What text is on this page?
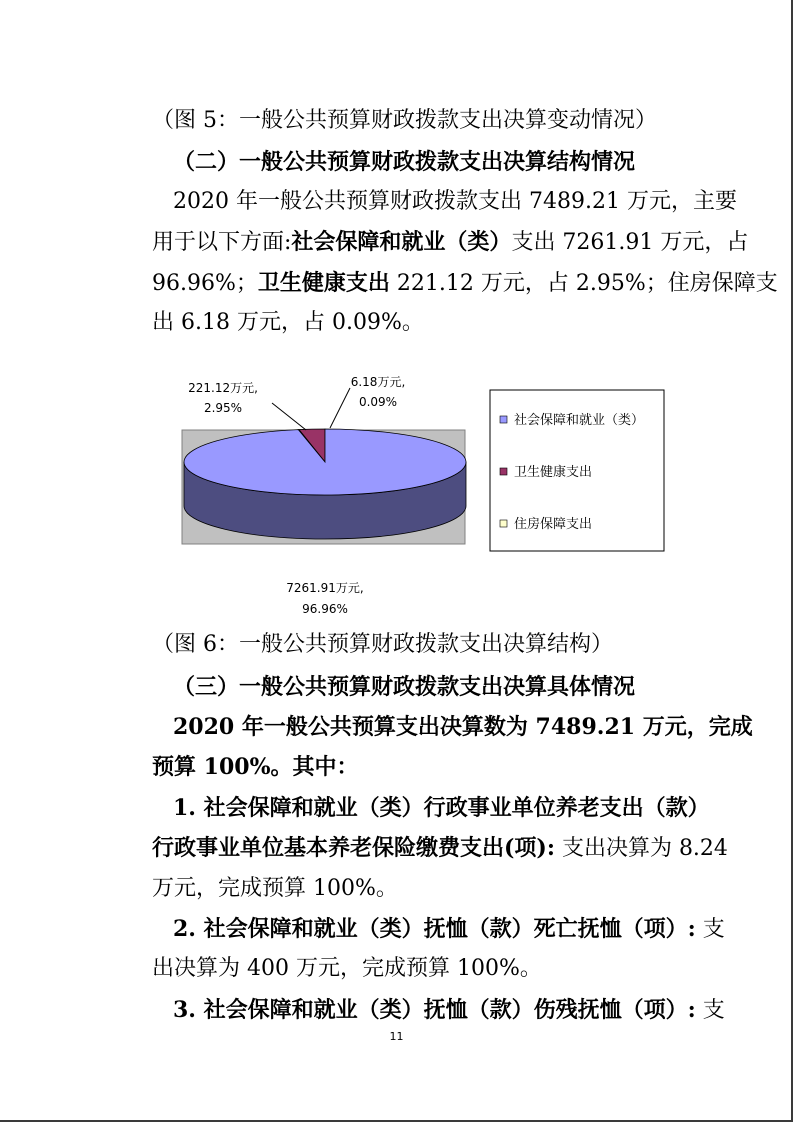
（图 5：一般公共预算财政拨款支出决算变动情况）
（二）一般公共预算财政拨款支出决算结构情况
2020 年一般公共预算财政拨款支出 7489.21 万元，主要
用于以下方面:社会保障和就业（类）支出 7261.91 万元，占
96.96%；卫生健康支出 221.12 万元，占 2.95%；住房保障支
出 6.18 万元，占 0.09%。
221.12万元,
2.95%
6.18万元,
0.09%
7261.91万元,
96.96%
社会保障和就业（类）
卫生健康支出
住房保障支出
（图 6：一般公共预算财政拨款支出决算结构）
（三）一般公共预算财政拨款支出决算具体情况
2020 年一般公共预算支出决算数为 7489.21 万元，完成
预算 100%。其中：
1. 社会保障和就业（类）行政事业单位养老支出（款）
行政事业单位基本养老保险缴费支出(项): 支出决算为 8.24
万元，完成预算 100%。
2. 社会保障和就业（类）抚恤（款）死亡抚恤（项）: 支
出决算为 400 万元，完成预算 100%。
3. 社会保障和就业（类）抚恤（款）伤残抚恤（项）: 支
11
